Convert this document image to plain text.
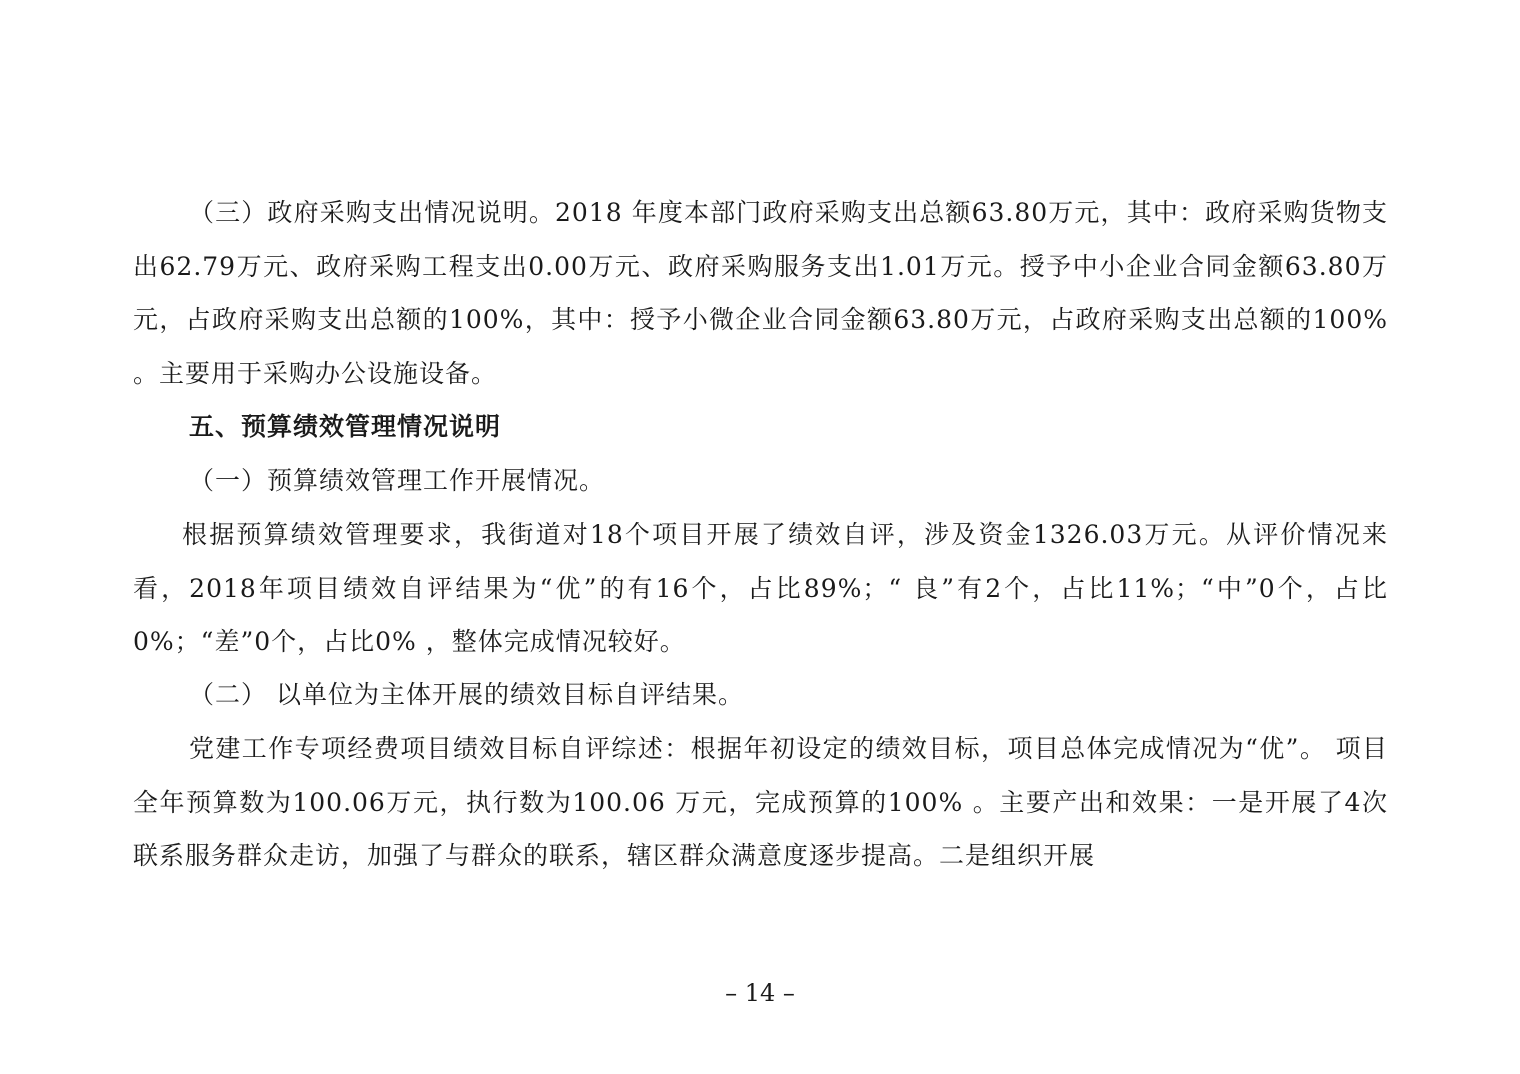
（三）政府采购支出情况说明。2018 年度本部门政府采购支出总额63.80万元，其中：政府采购货物支出62.79万元、政府采购工程支出0.00万元、政府采购服务支出1.01万元。授予中小企业合同金额63.80万元，占政府采购支出总额的100%，其中：授予小微企业合同金额63.80万元，占政府采购支出总额的100% 。主要用于采购办公设施设备。

五、预算绩效管理情况说明

（一）预算绩效管理工作开展情况。

根据预算绩效管理要求，我街道对18个项目开展了绩效自评，涉及资金1326.03万元。从评价情况来看，2018年项目绩效自评结果为“优”的有16个，占比89%；“ 良”有2个，占比11%；“中”0个，占比0%；“差”0个，占比0% ，整体完成情况较好。

（二） 以单位为主体开展的绩效目标自评结果。

党建工作专项经费项目绩效目标自评综述：根据年初设定的绩效目标，项目总体完成情况为“优”。 项目全年预算数为100.06万元，执行数为100.06 万元，完成预算的100% 。主要产出和效果：一是开展了4次联系服务群众走访，加强了与群众的联系，辖区群众满意度逐步提高。二是组织开展

– 14 –
